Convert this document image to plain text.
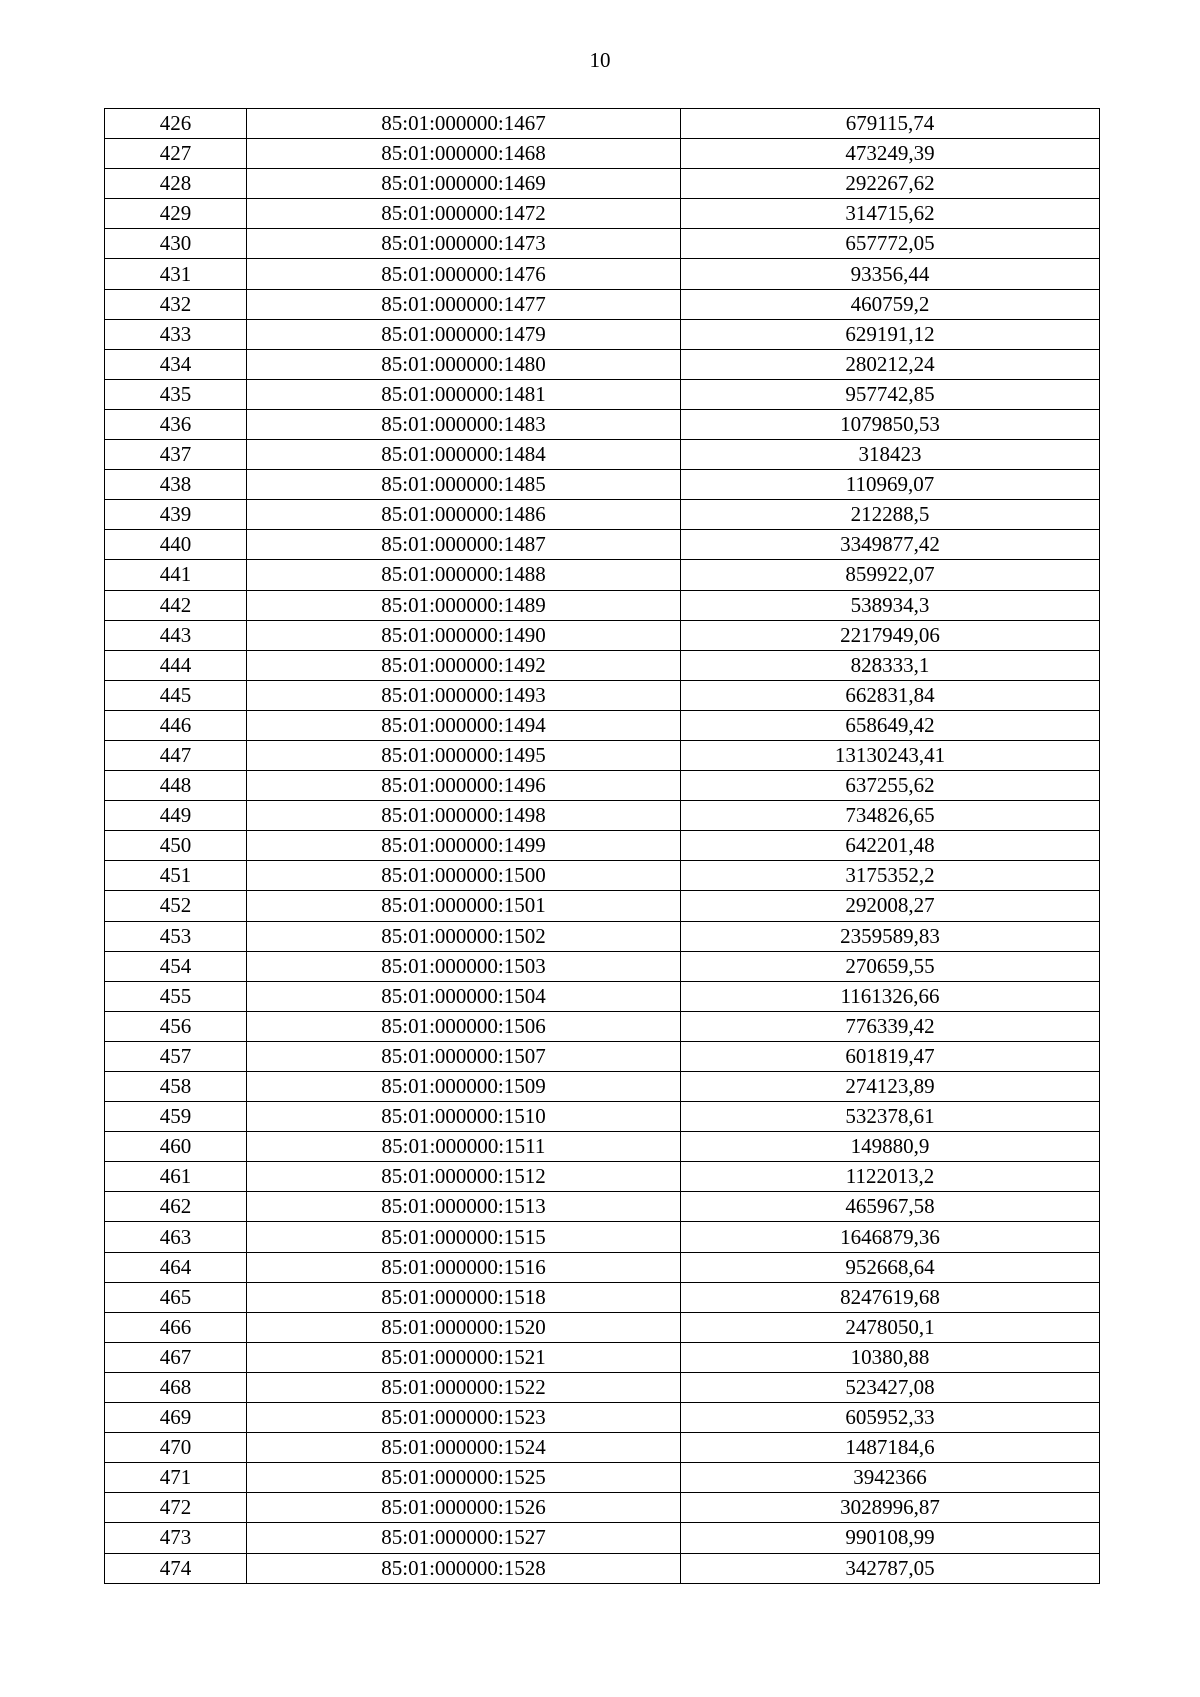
10
426	85:01:000000:1467	679115,74
427	85:01:000000:1468	473249,39
428	85:01:000000:1469	292267,62
429	85:01:000000:1472	314715,62
430	85:01:000000:1473	657772,05
431	85:01:000000:1476	93356,44
432	85:01:000000:1477	460759,2
433	85:01:000000:1479	629191,12
434	85:01:000000:1480	280212,24
435	85:01:000000:1481	957742,85
436	85:01:000000:1483	1079850,53
437	85:01:000000:1484	318423
438	85:01:000000:1485	110969,07
439	85:01:000000:1486	212288,5
440	85:01:000000:1487	3349877,42
441	85:01:000000:1488	859922,07
442	85:01:000000:1489	538934,3
443	85:01:000000:1490	2217949,06
444	85:01:000000:1492	828333,1
445	85:01:000000:1493	662831,84
446	85:01:000000:1494	658649,42
447	85:01:000000:1495	13130243,41
448	85:01:000000:1496	637255,62
449	85:01:000000:1498	734826,65
450	85:01:000000:1499	642201,48
451	85:01:000000:1500	3175352,2
452	85:01:000000:1501	292008,27
453	85:01:000000:1502	2359589,83
454	85:01:000000:1503	270659,55
455	85:01:000000:1504	1161326,66
456	85:01:000000:1506	776339,42
457	85:01:000000:1507	601819,47
458	85:01:000000:1509	274123,89
459	85:01:000000:1510	532378,61
460	85:01:000000:1511	149880,9
461	85:01:000000:1512	1122013,2
462	85:01:000000:1513	465967,58
463	85:01:000000:1515	1646879,36
464	85:01:000000:1516	952668,64
465	85:01:000000:1518	8247619,68
466	85:01:000000:1520	2478050,1
467	85:01:000000:1521	10380,88
468	85:01:000000:1522	523427,08
469	85:01:000000:1523	605952,33
470	85:01:000000:1524	1487184,6
471	85:01:000000:1525	3942366
472	85:01:000000:1526	3028996,87
473	85:01:000000:1527	990108,99
474	85:01:000000:1528	342787,05
